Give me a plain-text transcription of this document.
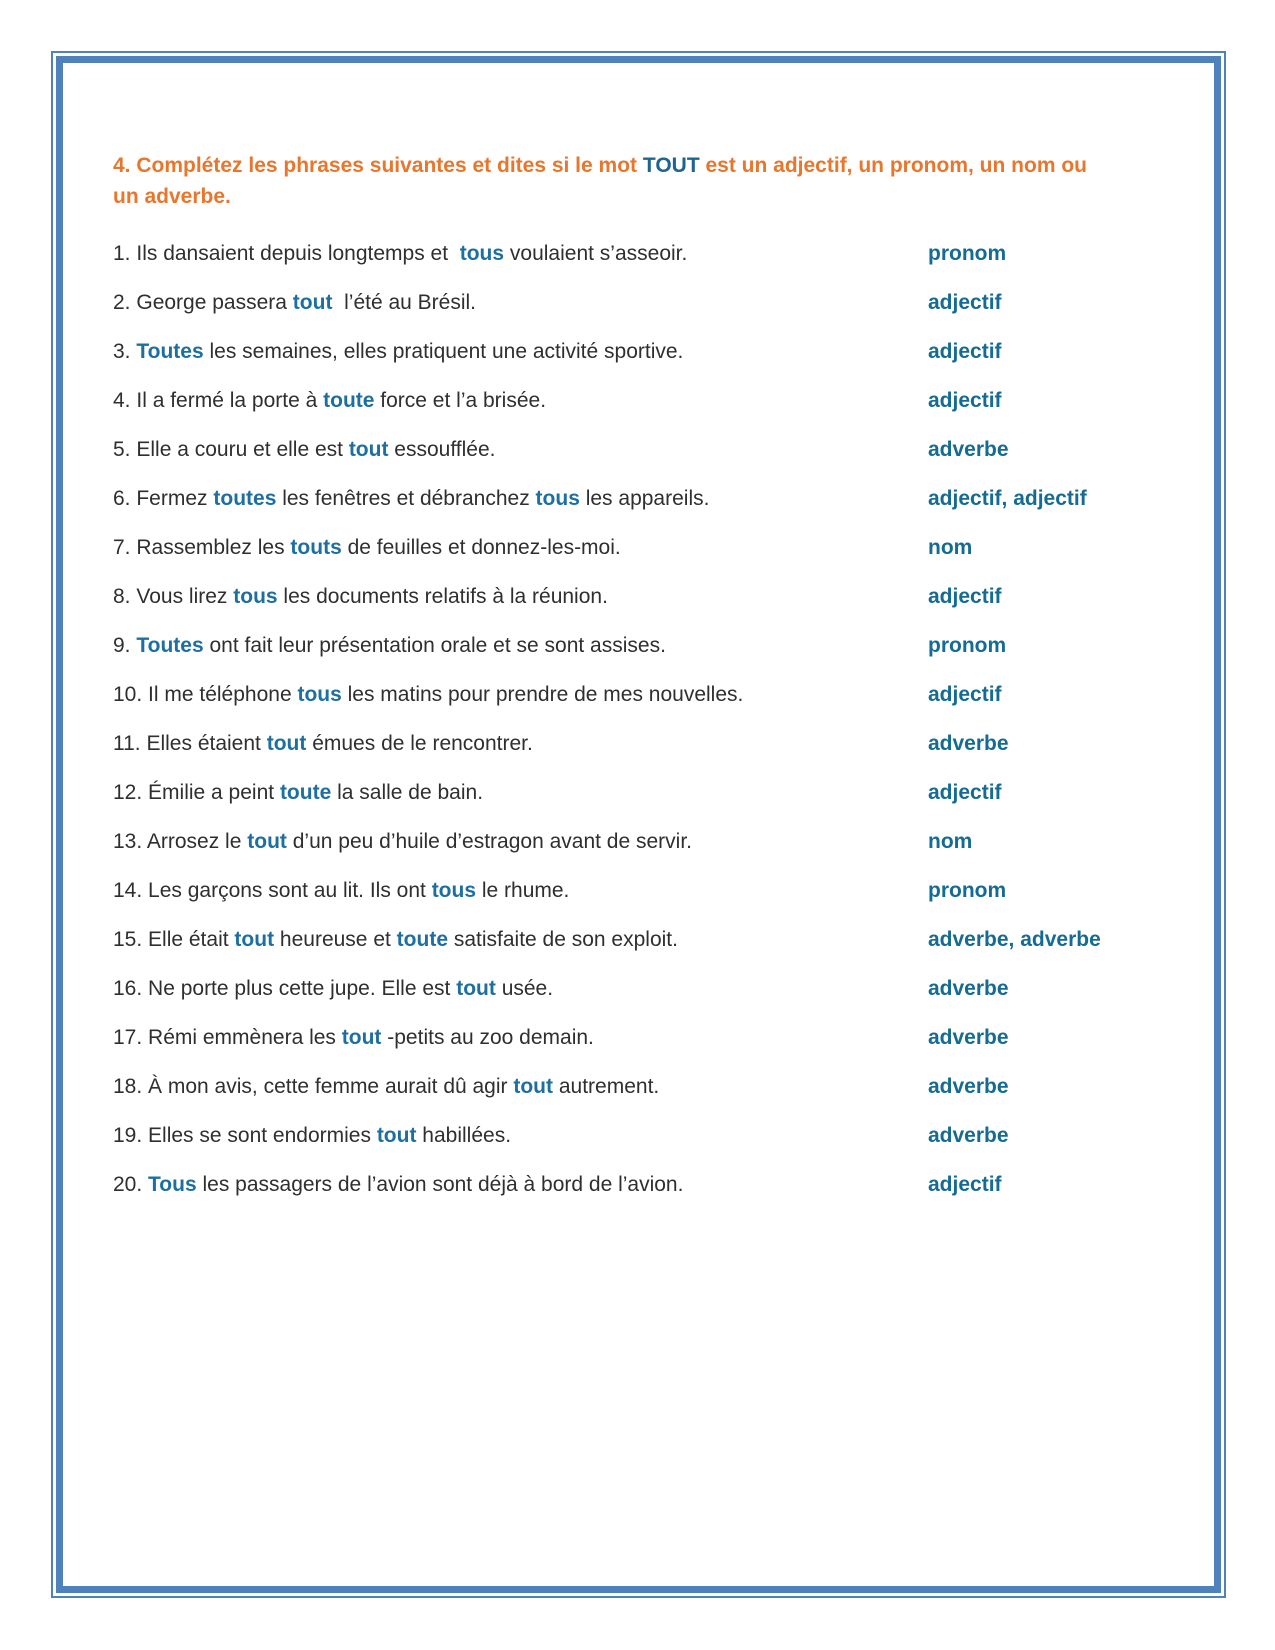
4. Complétez les phrases suivantes et dites si le mot TOUT est un adjectif, un pronom, un nom ou un adverbe.

1. Ils dansaient depuis longtemps et  tous voulaient s’asseoir.	pronom

2. George passera tout  l’été au Brésil.	adjectif

3. Toutes les semaines, elles pratiquent une activité sportive.	adjectif

4. Il a fermé la porte à toute force et l’a brisée.	adjectif

5. Elle a couru et elle est tout essoufflée.	adverbe

6. Fermez toutes les fenêtres et débranchez tous les appareils.	adjectif, adjectif

7. Rassemblez les touts de feuilles et donnez-les-moi.	nom

8. Vous lirez tous les documents relatifs à la réunion.	adjectif

9. Toutes ont fait leur présentation orale et se sont assises.	pronom

10. Il me téléphone tous les matins pour prendre de mes nouvelles.	adjectif

11. Elles étaient tout émues de le rencontrer.	adverbe

12. Émilie a peint toute la salle de bain.	adjectif

13. Arrosez le tout d’un peu d’huile d’estragon avant de servir.	nom

14. Les garçons sont au lit. Ils ont tous le rhume.	pronom

15. Elle était tout heureuse et toute satisfaite de son exploit.	adverbe, adverbe

16. Ne porte plus cette jupe. Elle est tout usée.	adverbe

17. Rémi emmènera les tout -petits au zoo demain.	adverbe

18. À mon avis, cette femme aurait dû agir tout autrement.	adverbe

19. Elles se sont endormies tout habillées.	adverbe

20. Tous les passagers de l’avion sont déjà à bord de l’avion.	adjectif
